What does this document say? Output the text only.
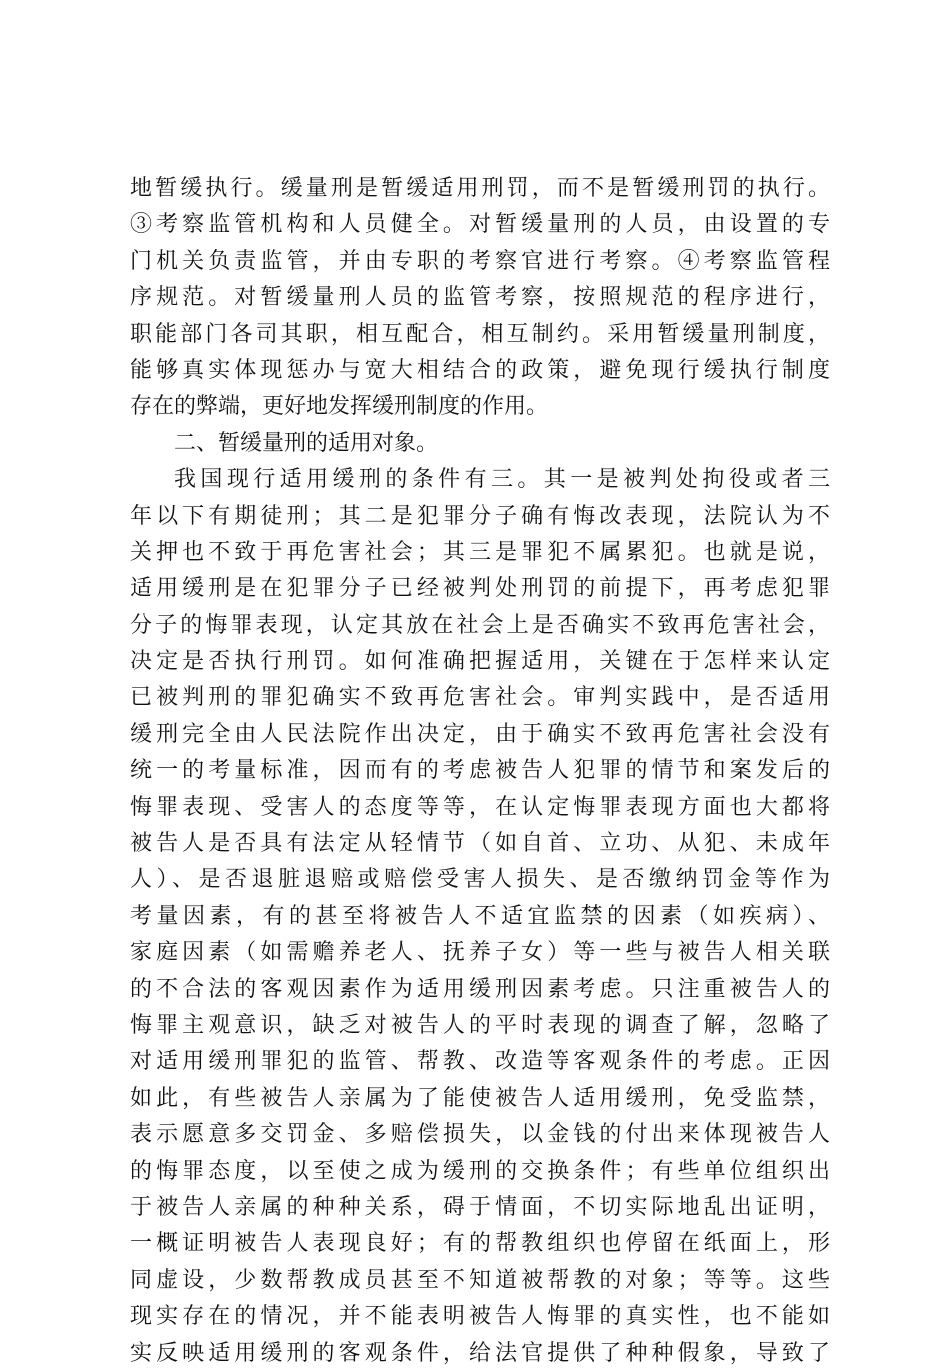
地暂缓执行。缓量刑是暂缓适用刑罚，而不是暂缓刑罚的执行。
③考察监管机构和人员健全。对暂缓量刑的人员，由设置的专
门机关负责监管，并由专职的考察官进行考察。④考察监管程
序规范。对暂缓量刑人员的监管考察，按照规范的程序进行，
职能部门各司其职，相互配合，相互制约。采用暂缓量刑制度，
能够真实体现惩办与宽大相结合的政策，避免现行缓执行制度
存在的弊端，更好地发挥缓刑制度的作用。
二、暂缓量刑的适用对象。
我国现行适用缓刑的条件有三。其一是被判处拘役或者三
年以下有期徒刑；其二是犯罪分子确有悔改表现，法院认为不
关押也不致于再危害社会；其三是罪犯不属累犯。也就是说，
适用缓刑是在犯罪分子已经被判处刑罚的前提下，再考虑犯罪
分子的悔罪表现，认定其放在社会上是否确实不致再危害社会，
决定是否执行刑罚。如何准确把握适用，关键在于怎样来认定
已被判刑的罪犯确实不致再危害社会。审判实践中，是否适用
缓刑完全由人民法院作出决定，由于确实不致再危害社会没有
统一的考量标准，因而有的考虑被告人犯罪的情节和案发后的
悔罪表现、受害人的态度等等，在认定悔罪表现方面也大都将
被告人是否具有法定从轻情节（如自首、立功、从犯、未成年
人）、是否退脏退赔或赔偿受害人损失、是否缴纳罚金等作为
考量因素，有的甚至将被告人不适宜监禁的因素（如疾病）、
家庭因素（如需赡养老人、抚养子女）等一些与被告人相关联
的不合法的客观因素作为适用缓刑因素考虑。只注重被告人的
悔罪主观意识，缺乏对被告人的平时表现的调查了解，忽略了
对适用缓刑罪犯的监管、帮教、改造等客观条件的考虑。正因
如此，有些被告人亲属为了能使被告人适用缓刑，免受监禁，
表示愿意多交罚金、多赔偿损失，以金钱的付出来体现被告人
的悔罪态度，以至使之成为缓刑的交换条件；有些单位组织出
于被告人亲属的种种关系，碍于情面，不切实际地乱出证明，
一概证明被告人表现良好；有的帮教组织也停留在纸面上，形
同虚设，少数帮教成员甚至不知道被帮教的对象；等等。这些
现实存在的情况，并不能表明被告人悔罪的真实性，也不能如
实反映适用缓刑的客观条件，给法官提供了种种假象，导致了
